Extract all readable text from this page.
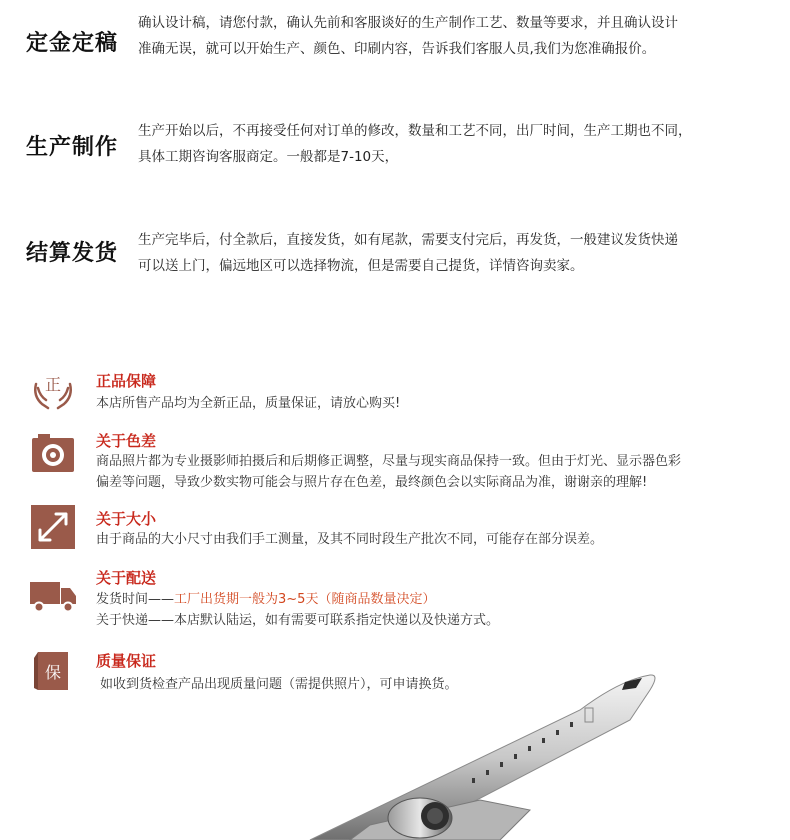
定金定稿
确认设计稿，请您付款，确认先前和客服谈好的生产制作工艺、数量等要求，并且确认设计
准确无误，就可以开始生产、颜色、印刷内容，告诉我们客服人员,我们为您准确报价。
生产制作
生产开始以后，不再接受任何对订单的修改，数量和工艺不同，出厂时间，生产工期也不同，
具体工期咨询客服商定。一般都是7-10天，
结算发货
生产完毕后，付全款后，直接发货，如有尾款，需要支付完后，再发货，一般建议发货快递
可以送上门，偏远地区可以选择物流，但是需要自己提货，详情咨询卖家。
正 正品保障
本店所售产品均为全新正品，质量保证，请放心购买!
关于色差
商品照片都为专业摄影师拍摄后和后期修正调整，尽量与现实商品保持一致。但由于灯光、显示器色彩
偏差等问题，导致少数实物可能会与照片存在色差，最终颜色会以实际商品为准，谢谢亲的理解!
关于大小
由于商品的大小尺寸由我们手工测量，及其不同时段生产批次不同，可能存在部分误差。
关于配送
发货时间——工厂出货期一般为3~5天（随商品数量决定）
关于快递——本店默认陆运，如有需要可联系指定快递以及快递方式。
保
质量保证
如收到货检查产品出现质量问题（需提供照片），可申请换货。
